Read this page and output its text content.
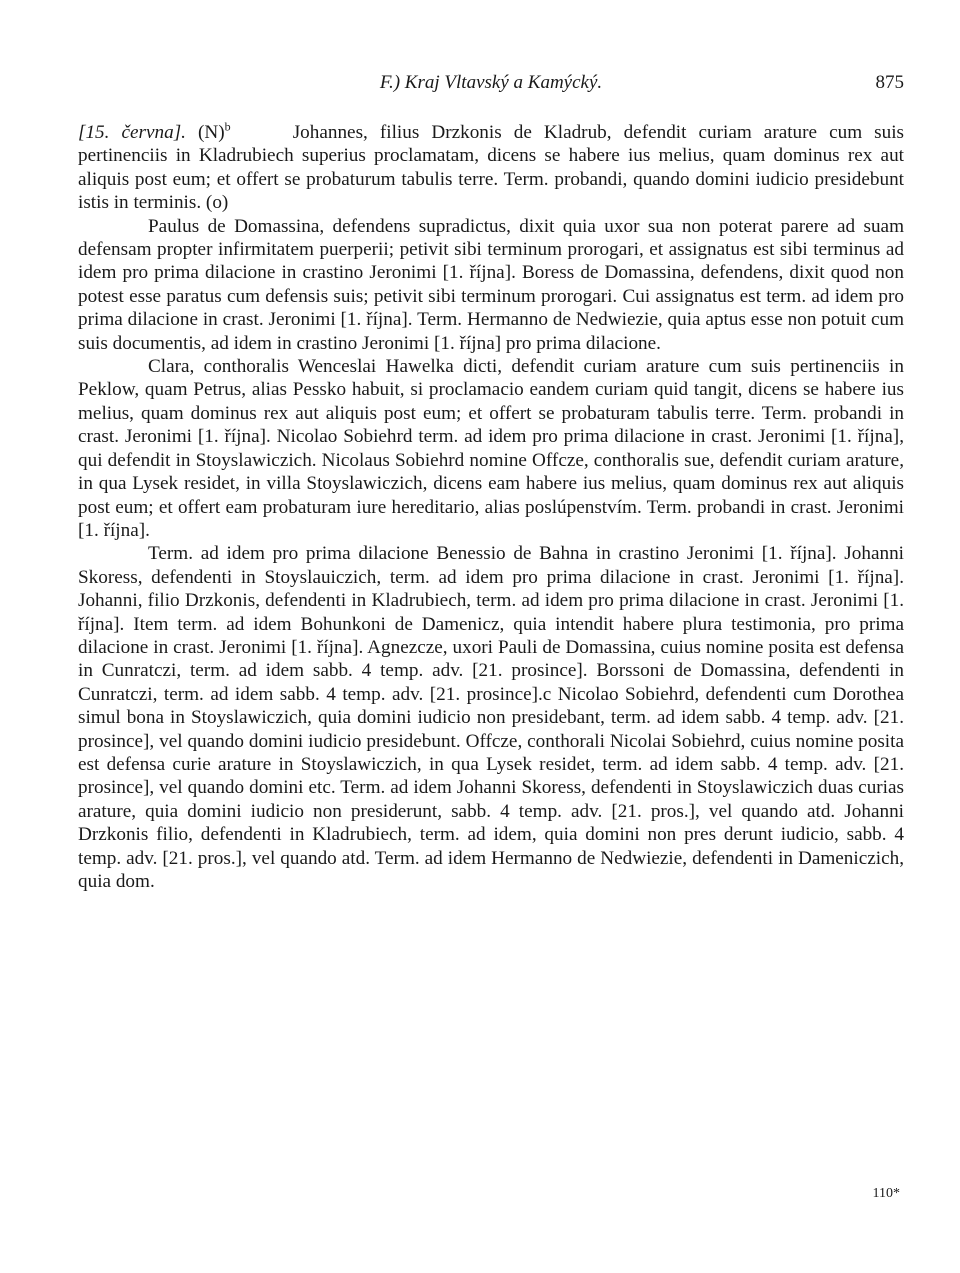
F.) Kraj Vltavský a Kamýcký.	875

[15. června]. $(N)^b$	Johannes, filius Drzkonis de Kladrub, defendit curiam arature cum suis pertinenciis in Kladrubiech superius proclamatam, dicens se habere ius melius, quam dominus rex aut aliquis post eum; et offert se probaturum tabulis terre. Term. probandi, quando domini iudicio presidebunt istis in terminis. (o)

Paulus de Domassina, defendens supradictus, dixit quia uxor sua non poterat parere ad suam defensam propter infirmitatem puerperii; petivit sibi terminum prorogari, et assignatus est sibi terminus ad idem pro prima dilacione in crastino Jeronimi [1. října]. Boress de Domassina, defendens, dixit quod non potest esse paratus cum defensis suis; petivit sibi terminum prorogari. Cui assignatus est term. ad idem pro prima dilacione in crast. Jeronimi [1. října]. Term. Hermanno de Nedwiezie, quia aptus esse non potuit cum suis documentis, ad idem in crastino Jeronimi [1. října] pro prima dilacione.

Clara, conthoralis Wenceslai Hawelka dicti, defendit curiam arature cum suis pertinenciis in Peklow, quam Petrus, alias Pessko habuit, si proclamacio eandem curiam quid tangit, dicens se habere ius melius, quam dominus rex aut aliquis post eum; et offert se probaturam tabulis terre. Term. probandi in crast. Jeronimi [1. října]. Nicolao Sobiehrd term. ad idem pro prima dilacione in crast. Jeronimi [1. října], qui defendit in Stoyslawiczich. Nicolaus Sobiehrd nomine Offcze, conthoralis sue, defendit curiam arature, in qua Lysek residet, in villa Stoyslawiczich, dicens eam habere ius melius, quam dominus rex aut aliquis post eum; et offert eam probaturam iure hereditario, alias poslúpenstvím. Term. probandi in crast. Jeronimi [1. října].

Term. ad idem pro prima dilacione Benessio de Bahna in crastino Jeronimi [1. října]. Johanni Skoress, defendenti in Stoyslauiczich, term. ad idem pro prima dilacione in crast. Jeronimi [1. října]. Johanni, filio Drzkonis, defendenti in Kladrubiech, term. ad idem pro prima dilacione in crast. Jeronimi [1. října]. Item term. ad idem Bohunkoni de Damenicz, quia intendit habere plura testimonia, pro prima dilacione in crast. Jeronimi [1. října]. Agnezcze, uxori Pauli de Domassina, cuius nomine posita est defensa in Cunratczi, term. ad idem sabb. 4 temp. adv. [21. prosince]. Borssoni de Domassina, defendenti in Cunratczi, term. ad idem sabb. 4 temp. adv. [21. prosince].c Nicolao Sobiehrd, defendenti cum Dorothea simul bona in Stoyslawiczich, quia domini iudicio non presidebant, term. ad idem sabb. 4 temp. adv. [21. prosince], vel quando domini iudicio presidebunt. Offcze, conthorali Nicolai Sobiehrd, cuius nomine posita est defensa curie arature in Stoyslawiczich, in qua Lysek residet, term. ad idem sabb. 4 temp. adv. [21. prosince], vel quando domini etc. Term. ad idem Johanni Skoress, defendenti in Stoyslawiczich duas curias arature, quia domini iudicio non presiderunt, sabb. 4 temp. adv. [21. pros.], vel quando atd. Johanni Drzkonis filio, defendenti in Kladrubiech, term. ad idem, quia domini non pres derunt iudicio, sabb. 4 temp. adv. [21. pros.], vel quando atd. Term. ad idem Hermanno de Nedwiezie, defendenti in Dameniczich, quia dom.

110*
